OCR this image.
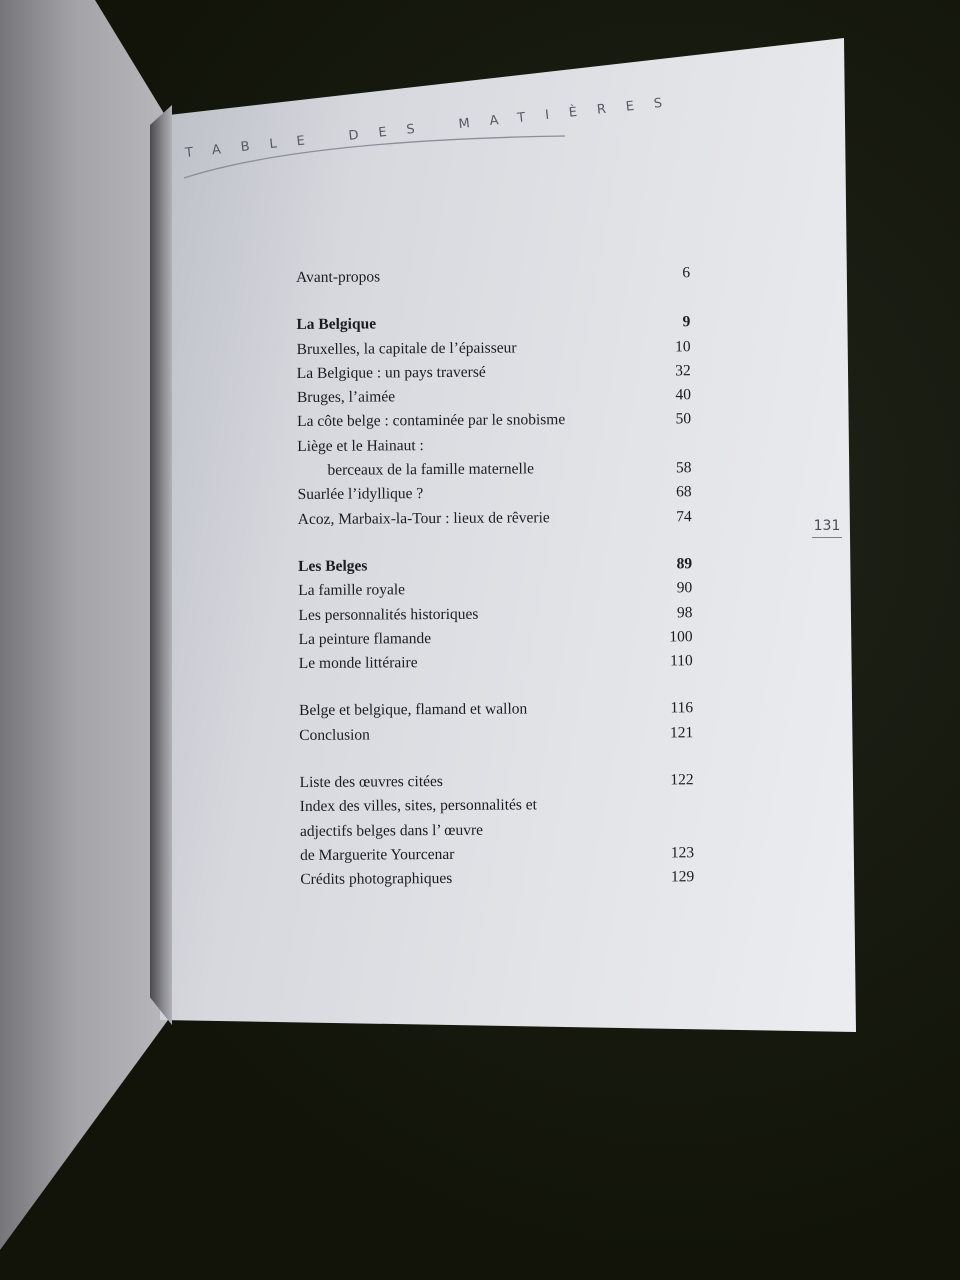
TABLE DES MATIÈRES
131
Avant-propos	6
La Belgique	9
Bruxelles, la capitale de l’épaisseur	10
La Belgique : un pays traversé	32
Bruges, l’aimée	40
La côte belge : contaminée par le snobisme	50
Liège et le Hainaut :
berceaux de la famille maternelle	58
Suarlée l’idyllique ?	68
Acoz, Marbaix-la-Tour : lieux de rêverie	74
Les Belges	89
La famille royale	90
Les personnalités historiques	98
La peinture flamande	100
Le monde littéraire	110
Belge et belgique, flamand et wallon	116
Conclusion	121
Liste des œuvres citées	122
Index des villes, sites, personnalités et
adjectifs belges dans l’ œuvre
de Marguerite Yourcenar	123
Crédits photographiques	129
